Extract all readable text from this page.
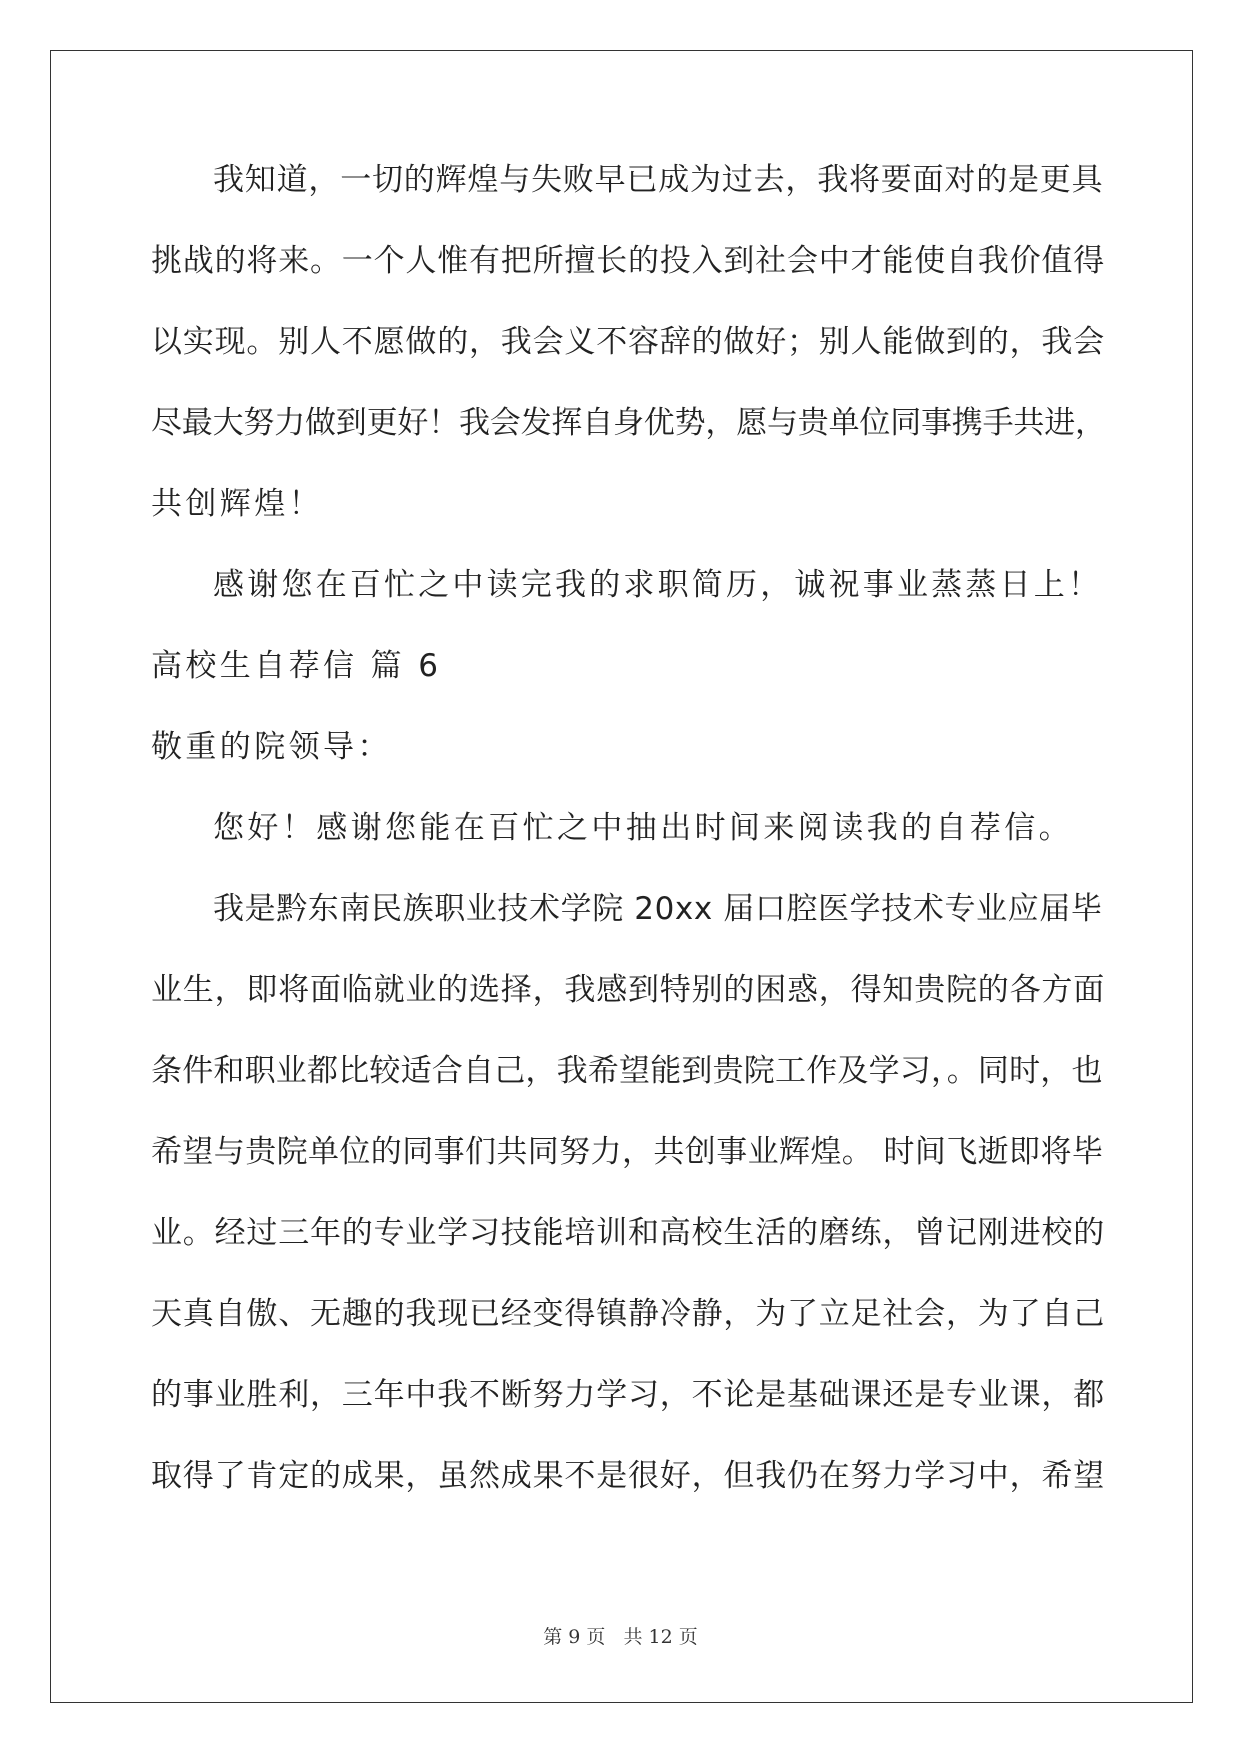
我知道，一切的辉煌与失败早已成为过去，我将要面对的是更具
挑战的将来。一个人惟有把所擅长的投入到社会中才能使自我价值得
以实现。别人不愿做的，我会义不容辞的做好；别人能做到的，我会
尽最大努力做到更好！我会发挥自身优势，愿与贵单位同事携手共进，
共创辉煌！
感谢您在百忙之中读完我的求职简历，诚祝事业蒸蒸日上！
高校生自荐信 篇 6
敬重的院领导：
您好！感谢您能在百忙之中抽出时间来阅读我的自荐信。
我是黔东南民族职业技术学院 20xx 届口腔医学技术专业应届毕
业生，即将面临就业的选择，我感到特别的困惑，得知贵院的各方面
条件和职业都比较适合自己，我希望能到贵院工作及学习，。同时，也
希望与贵院单位的同事们共同努力，共创事业辉煌。 时间飞逝即将毕
业。经过三年的专业学习技能培训和高校生活的磨练，曾记刚进校的
天真自傲、无趣的我现已经变得镇静冷静，为了立足社会，为了自己
的事业胜利，三年中我不断努力学习，不论是基础课还是专业课，都
取得了肯定的成果，虽然成果不是很好，但我仍在努力学习中，希望
第 9 页 共 12 页
